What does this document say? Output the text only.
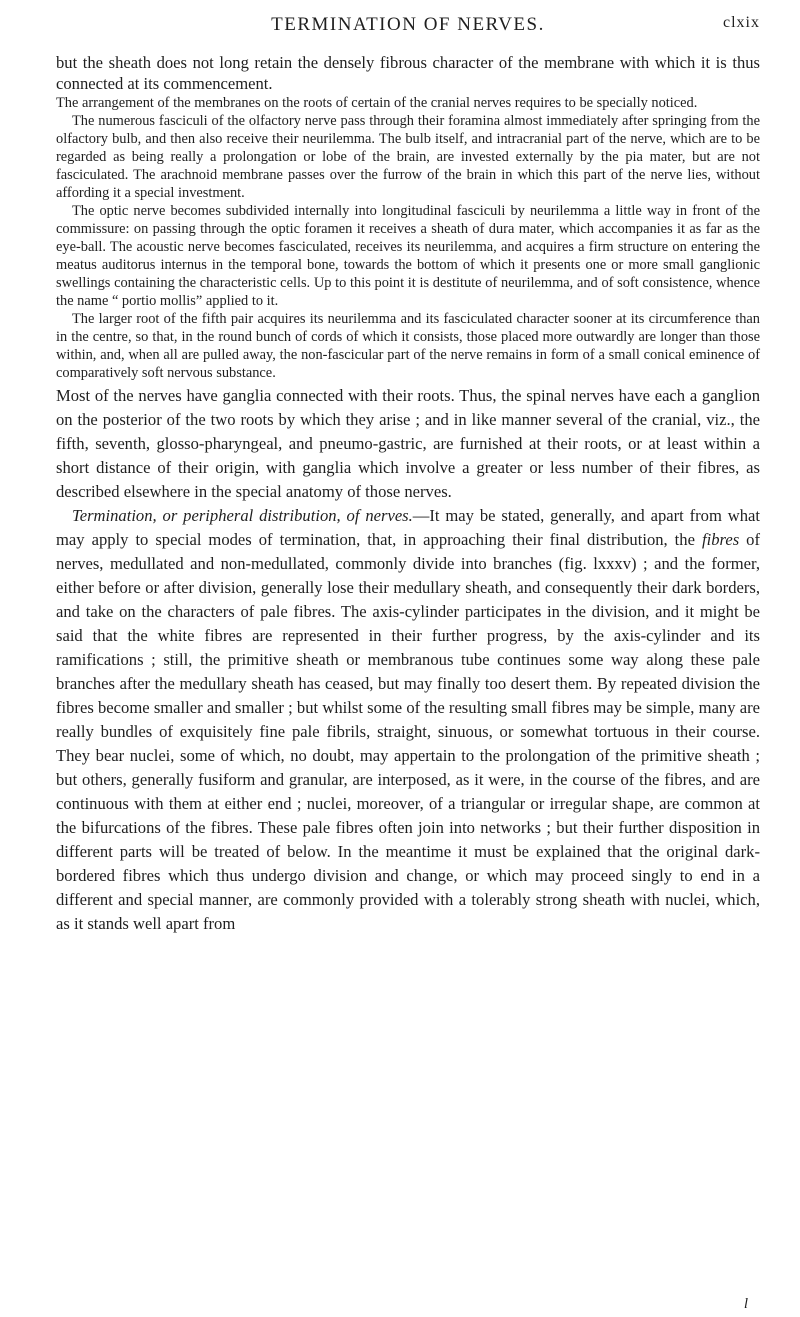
TERMINATION OF NERVES.	clxix

but the sheath does not long retain the densely fibrous character of the membrane with which it is thus connected at its commencement.

The arrangement of the membranes on the roots of certain of the cranial nerves requires to be specially noticed.

The numerous fasciculi of the olfactory nerve pass through their foramina almost immediately after springing from the olfactory bulb, and then also receive their neurilemma. The bulb itself, and intracranial part of the nerve, which are to be regarded as being really a prolongation or lobe of the brain, are invested externally by the pia mater, but are not fasciculated. The arachnoid membrane passes over the furrow of the brain in which this part of the nerve lies, without affording it a special investment.

The optic nerve becomes subdivided internally into longitudinal fasciculi by neurilemma a little way in front of the commissure: on passing through the optic foramen it receives a sheath of dura mater, which accompanies it as far as the eye-ball. The acoustic nerve becomes fasciculated, receives its neurilemma, and acquires a firm structure on entering the meatus auditorus internus in the temporal bone, towards the bottom of which it presents one or more small ganglionic swellings containing the characteristic cells. Up to this point it is destitute of neurilemma, and of soft consistence, whence the name “ portio mollis” applied to it.

The larger root of the fifth pair acquires its neurilemma and its fasciculated character sooner at its circumference than in the centre, so that, in the round bunch of cords of which it consists, those placed more outwardly are longer than those within, and, when all are pulled away, the non-fascicular part of the nerve remains in form of a small conical eminence of comparatively soft nervous substance.

Most of the nerves have ganglia connected with their roots. Thus, the spinal nerves have each a ganglion on the posterior of the two roots by which they arise ; and in like manner several of the cranial, viz., the fifth, seventh, glosso-pharyngeal, and pneumo-gastric, are furnished at their roots, or at least within a short distance of their origin, with ganglia which involve a greater or less number of their fibres, as described elsewhere in the special anatomy of those nerves.

Termination, or peripheral distribution, of nerves.—It may be stated, generally, and apart from what may apply to special modes of termination, that, in approaching their final distribution, the fibres of nerves, medullated and non-medullated, commonly divide into branches (fig. lxxxv) ; and the former, either before or after division, generally lose their medullary sheath, and consequently their dark borders, and take on the characters of pale fibres. The axis-cylinder participates in the division, and it might be said that the white fibres are represented in their further progress, by the axis-cylinder and its ramifications ; still, the primitive sheath or membranous tube continues some way along these pale branches after the medullary sheath has ceased, but may finally too desert them. By repeated division the fibres become smaller and smaller ; but whilst some of the resulting small fibres may be simple, many are really bundles of exquisitely fine pale fibrils, straight, sinuous, or somewhat tortuous in their course. They bear nuclei, some of which, no doubt, may appertain to the prolongation of the primitive sheath ; but others, generally fusiform and granular, are interposed, as it were, in the course of the fibres, and are continuous with them at either end ; nuclei, moreover, of a triangular or irregular shape, are common at the bifurcations of the fibres. These pale fibres often join into networks ; but their further disposition in different parts will be treated of below. In the meantime it must be explained that the original dark-bordered fibres which thus undergo division and change, or which may proceed singly to end in a different and special manner, are commonly provided with a tolerably strong sheath with nuclei, which, as it stands well apart from

l
